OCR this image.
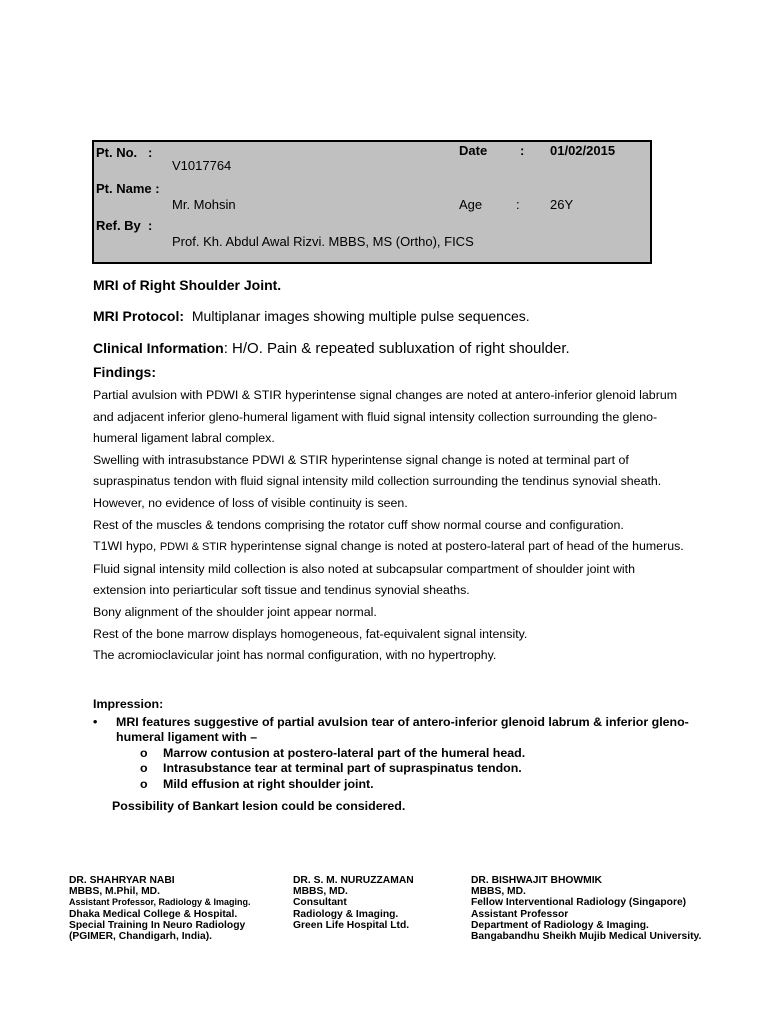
Pt. No. :
V1017764
Pt. Name :
Mr. Mohsin
Ref. By :
Prof. Kh. Abdul Awal Rizvi. MBBS, MS (Ortho), FICS
Date	: 01/02/2015
Age	: 26Y
MRI of Right Shoulder Joint.
MRI Protocol: Multiplanar images showing multiple pulse sequences.
Clinical Information: H/O. Pain & repeated subluxation of right shoulder.
Findings:

Partial avulsion with PDWI & STIR hyperintense signal changes are noted at antero-inferior glenoid labrum and adjacent inferior gleno-humeral ligament with fluid signal intensity collection surrounding the gleno-humeral ligament labral complex.

Swelling with intrasubstance PDWI & STIR hyperintense signal change is noted at terminal part of supraspinatus tendon with fluid signal intensity mild collection surrounding the tendinus synovial sheath. However, no evidence of loss of visible continuity is seen.

Rest of the muscles & tendons comprising the rotator cuff show normal course and configuration.

T1WI hypo, PDWI & STIR hyperintense signal change is noted at postero-lateral part of head of the humerus.

Fluid signal intensity mild collection is also noted at subcapsular compartment of shoulder joint with extension into periarticular soft tissue and tendinus synovial sheaths.

Bony alignment of the shoulder joint appear normal.

Rest of the bone marrow displays homogeneous, fat-equivalent signal intensity.

The acromioclavicular joint has normal configuration, with no hypertrophy.

Impression:

• MRI features suggestive of partial avulsion tear of antero-inferior glenoid labrum & inferior gleno-humeral ligament with –
o Marrow contusion at postero-lateral part of the humeral head.
o Intrasubstance tear at terminal part of supraspinatus tendon.
o Mild effusion at right shoulder joint.

Possibility of Bankart lesion could be considered.

DR. SHAHRYAR NABI
MBBS, M.Phil, MD.
Assistant Professor, Radiology & Imaging.
Dhaka Medical College & Hospital.
Special Training In Neuro Radiology
(PGIMER, Chandigarh, India).
DR. S. M. NURUZZAMAN
MBBS, MD.
Consultant
Radiology & Imaging.
Green Life Hospital Ltd.
DR. BISHWAJIT BHOWMIK
MBBS, MD.
Fellow Interventional Radiology (Singapore)
Assistant Professor
Department of Radiology & Imaging.
Bangabandhu Sheikh Mujib Medical University.
